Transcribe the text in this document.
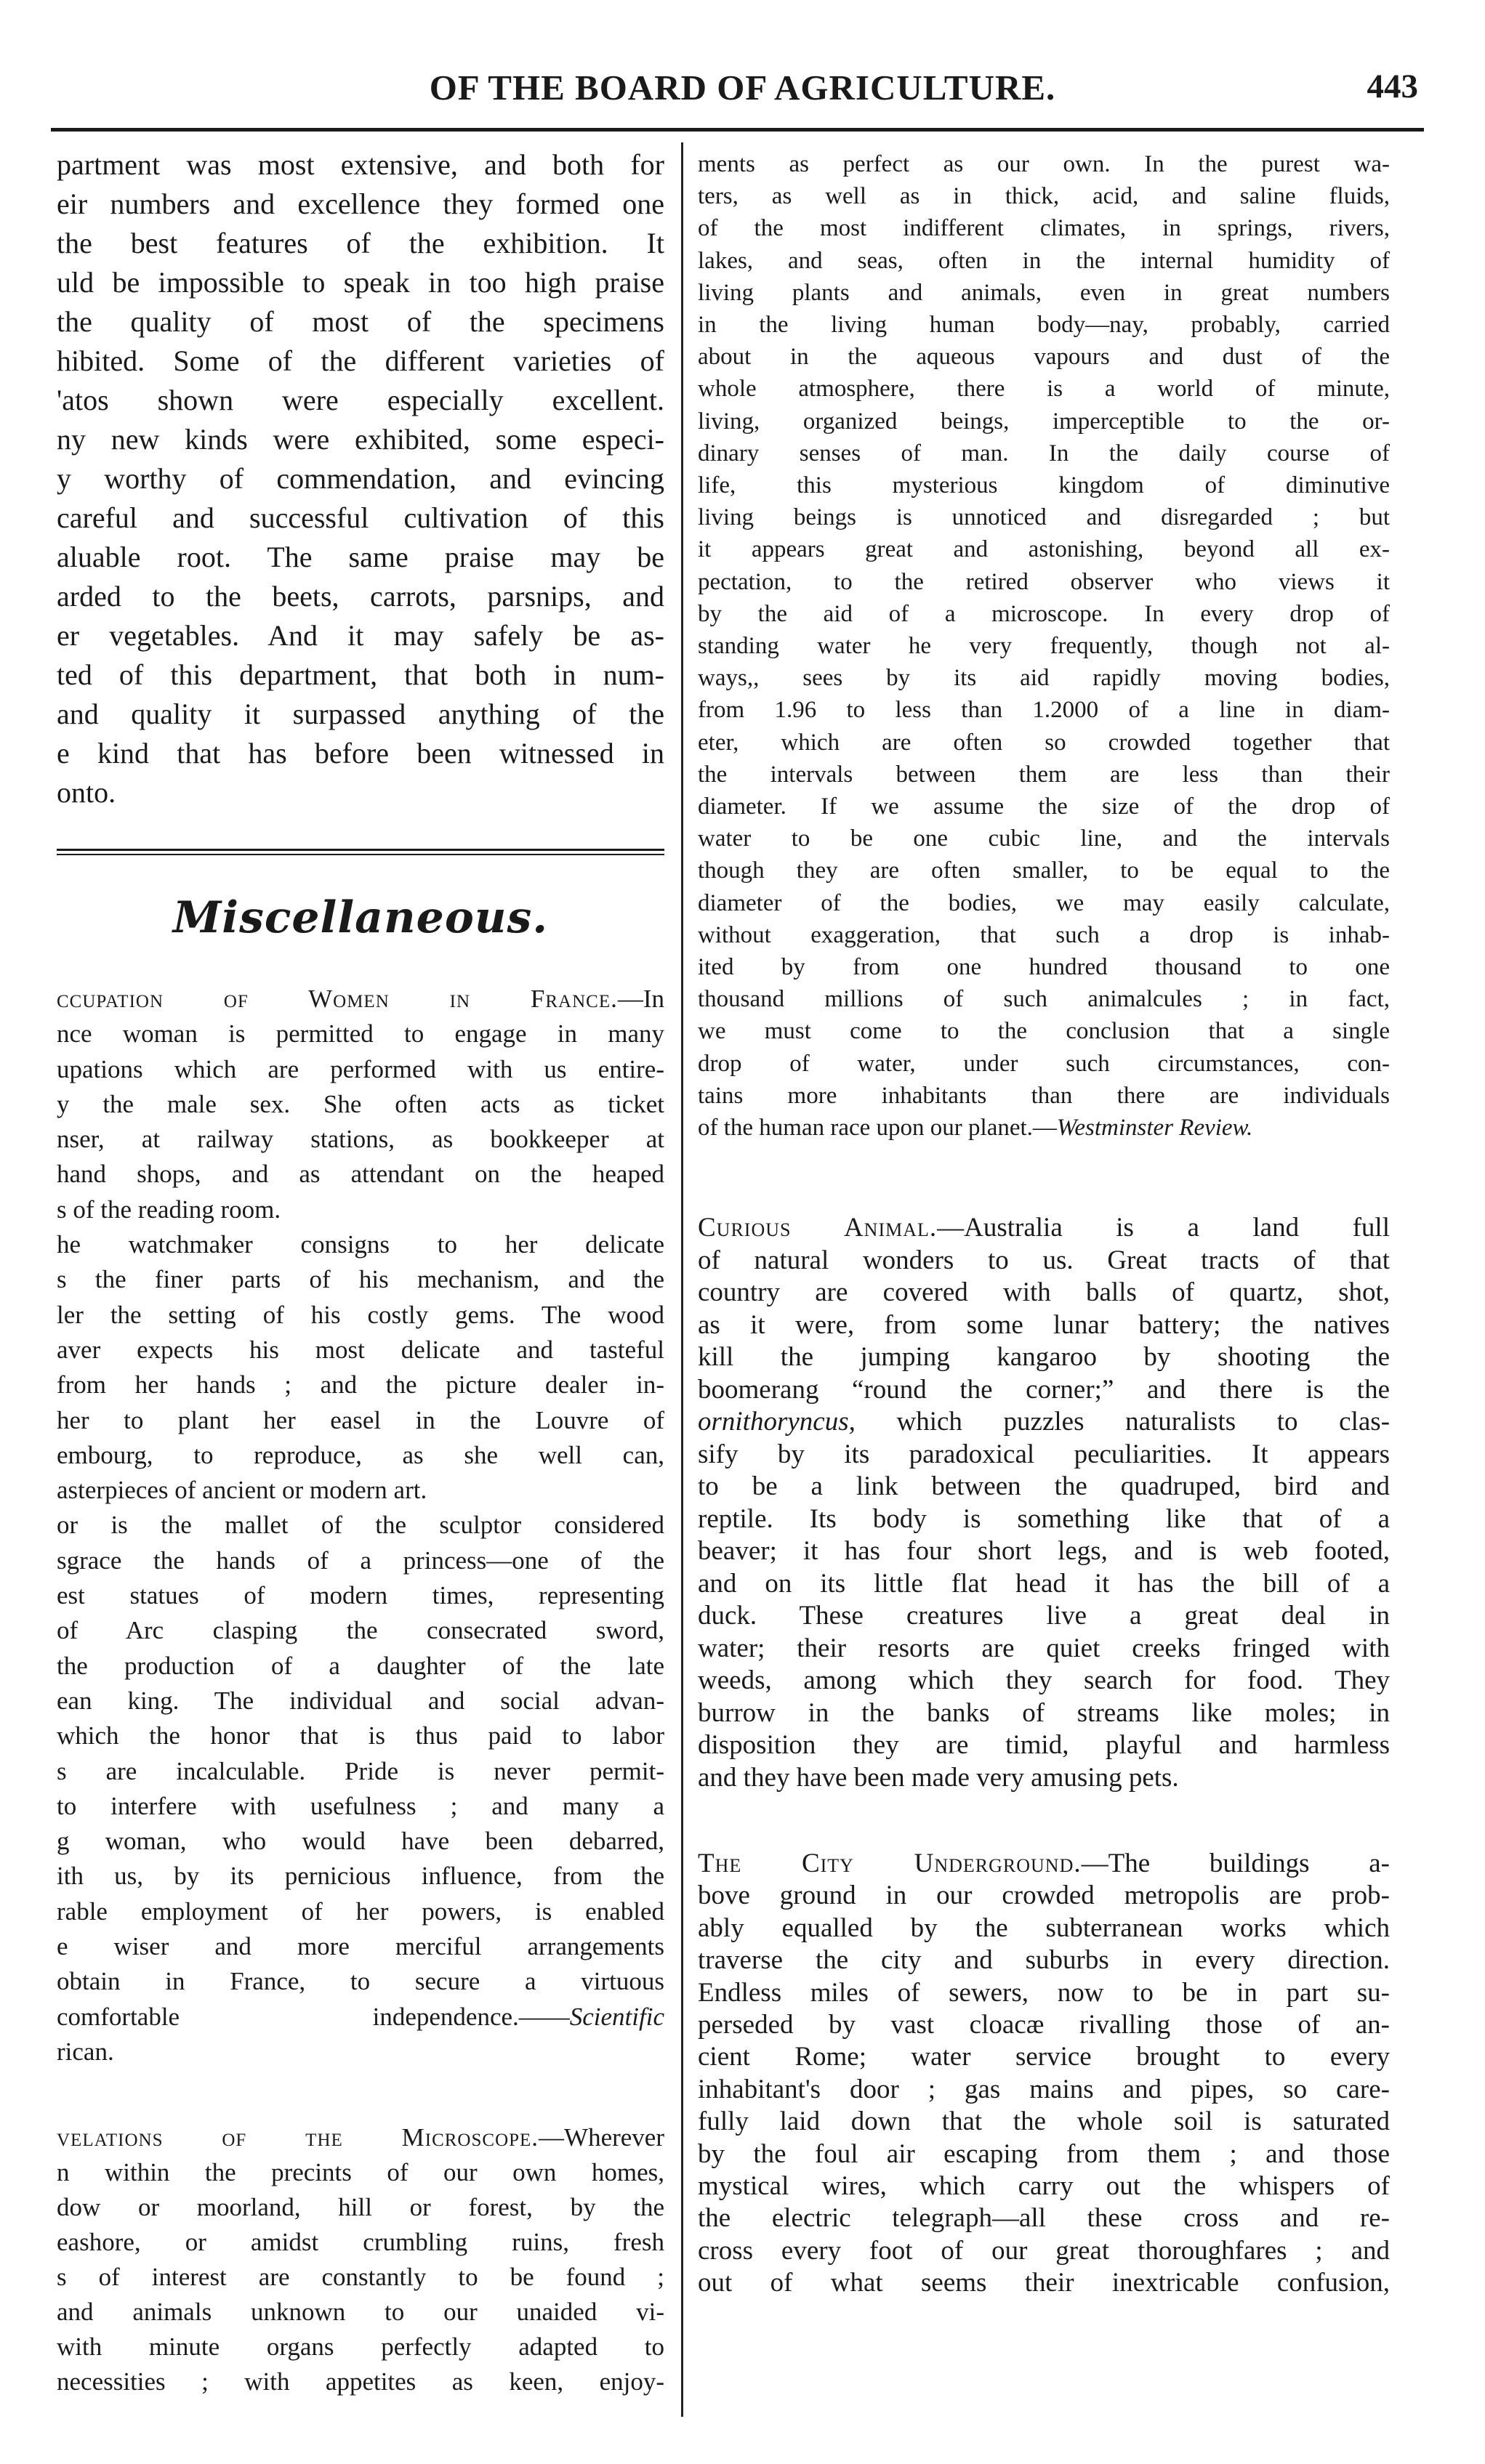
OF THE BOARD OF AGRICULTURE.	443
partment was most extensive, and both for
eir numbers and excellence they formed one
the best features of the exhibition. It
uld be impossible to speak in too high praise
the quality of most of the specimens
hibited. Some of the different varieties of
'atos shown were especially excellent.
ny new kinds were exhibited, some especi-
y worthy of commendation, and evincing
careful and successful cultivation of this
aluable root. The same praise may be
arded to the beets, carrots, parsnips, and
er vegetables. And it may safely be as-
ted of this department, that both in num-
and quality it surpassed anything of the
e kind that has before been witnessed in
onto.
Miscellaneous.
ccupation of Women in France.—In
nce woman is permitted to engage in many
upations which are performed with us entire-
y the male sex. She often acts as ticket
nser, at railway stations, as bookkeeper at
hand shops, and as attendant on the heaped
s of the reading room.
he watchmaker consigns to her delicate
s the finer parts of his mechanism, and the
ler the setting of his costly gems. The wood
aver expects his most delicate and tasteful
from her hands ; and the picture dealer in-
her to plant her easel in the Louvre of
embourg, to reproduce, as she well can,
asterpieces of ancient or modern art.
or is the mallet of the sculptor considered
sgrace the hands of a princess—one of the
est statues of modern times, representing
of Arc clasping the consecrated sword,
the production of a daughter of the late
ean king. The individual and social advan-
which the honor that is thus paid to labor
s are incalculable. Pride is never permit-
to interfere with usefulness ; and many a
g woman, who would have been debarred,
ith us, by its pernicious influence, from the
rable employment of her powers, is enabled
e wiser and more merciful arrangements
obtain in France, to secure a virtuous
comfortable independence.——Scientific
rican.
velations of the Microscope.—Wherever
n within the precints of our own homes,
dow or moorland, hill or forest, by the
eashore, or amidst crumbling ruins, fresh
s of interest are constantly to be found ;
and animals unknown to our unaided vi-
with minute organs perfectly adapted to
necessities ; with appetites as keen, enjoy-
ments as perfect as our own. In the purest wa-
ters, as well as in thick, acid, and saline fluids,
of the most indifferent climates, in springs, rivers,
lakes, and seas, often in the internal humidity of
living plants and animals, even in great numbers
in the living human body—nay, probably, carried
about in the aqueous vapours and dust of the
whole atmosphere, there is a world of minute,
living, organized beings, imperceptible to the or-
dinary senses of man. In the daily course of
life, this mysterious kingdom of diminutive
living beings is unnoticed and disregarded ; but
it appears great and astonishing, beyond all ex-
pectation, to the retired observer who views it
by the aid of a microscope. In every drop of
standing water he very frequently, though not al-
ways,, sees by its aid rapidly moving bodies,
from 1.96 to less than 1.2000 of a line in diam-
eter, which are often so crowded together that
the intervals between them are less than their
diameter. If we assume the size of the drop of
water to be one cubic line, and the intervals
though they are often smaller, to be equal to the
diameter of the bodies, we may easily calculate,
without exaggeration, that such a drop is inhab-
ited by from one hundred thousand to one
thousand millions of such animalcules ; in fact,
we must come to the conclusion that a single
drop of water, under such circumstances, con-
tains more inhabitants than there are individuals
of the human race upon our planet.—Westminster Review.
Curious Animal.—Australia is a land full
of natural wonders to us. Great tracts of that
country are covered with balls of quartz, shot,
as it were, from some lunar battery; the natives
kill the jumping kangaroo by shooting the
boomerang “round the corner;” and there is the
ornithoryncus, which puzzles naturalists to clas-
sify by its paradoxical peculiarities. It appears
to be a link between the quadruped, bird and
reptile. Its body is something like that of a
beaver; it has four short legs, and is web footed,
and on its little flat head it has the bill of a
duck. These creatures live a great deal in
water; their resorts are quiet creeks fringed with
weeds, among which they search for food. They
burrow in the banks of streams like moles; in
disposition they are timid, playful and harmless
and they have been made very amusing pets.
The City Underground.—The buildings a-
bove ground in our crowded metropolis are prob-
ably equalled by the subterranean works which
traverse the city and suburbs in every direction.
Endless miles of sewers, now to be in part su-
perseded by vast cloacæ rivalling those of an-
cient Rome; water service brought to every
inhabitant's door ; gas mains and pipes, so care-
fully laid down that the whole soil is saturated
by the foul air escaping from them ; and those
mystical wires, which carry out the whispers of
the electric telegraph—all these cross and re-
cross every foot of our great thoroughfares ; and
out of what seems their inextricable confusion,
